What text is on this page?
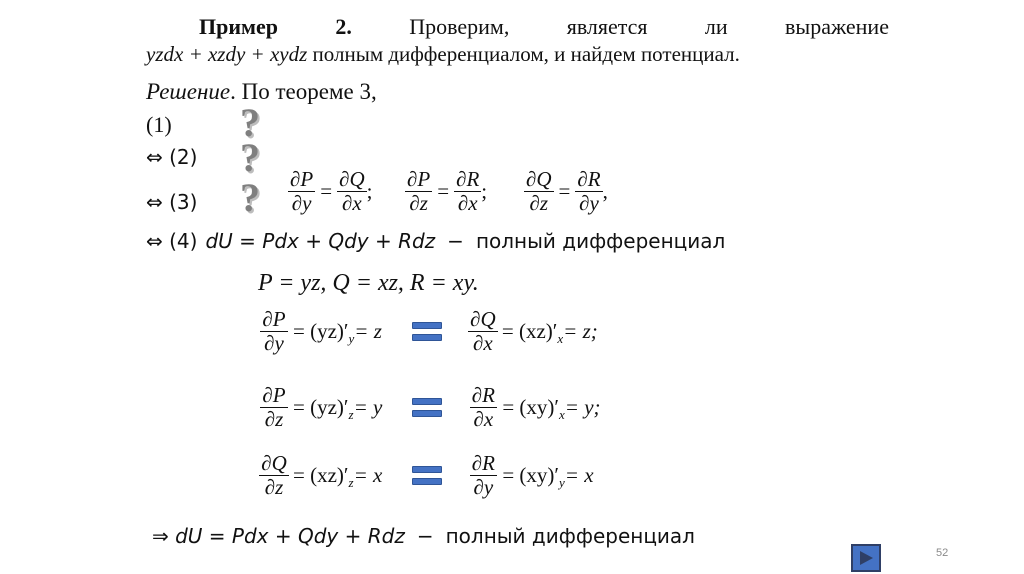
Пример	2.	Проверим,	является	ли	выражение
yzdx + xzdy + xydz полным дифференциалом, и найдем потенциал.
Решение. По теореме 3,
(1)
⇔ (2)
⇔ (3)
?
?
? $\frac{\partial P}{\partial y} = \frac{\partial Q}{\partial x}$ ; $\frac{\partial P}{\partial z} = \frac{\partial R}{\partial x}$ ; $\frac{\partial Q}{\partial z} = \frac{\partial R}{\partial y}$ ,
⇔ (4) dU = Pdx + Qdy + Rdz − полный дифференциал
P = yz, Q = xz, R = xy.
$\frac{\partial P}{\partial y} = (yz)'_y = z$	$\frac{\partial Q}{\partial x} = (xz)'_x = z$;
$\frac{\partial P}{\partial z} = (yz)'_z = y$	$\frac{\partial R}{\partial x} = (xy)'_x = y$;
$\frac{\partial Q}{\partial z} = (xz)'_z = x$	$\frac{\partial R}{\partial y} = (xy)'_y = x$
⇒ dU = Pdx + Qdy + Rdz − полный дифференциал
52
